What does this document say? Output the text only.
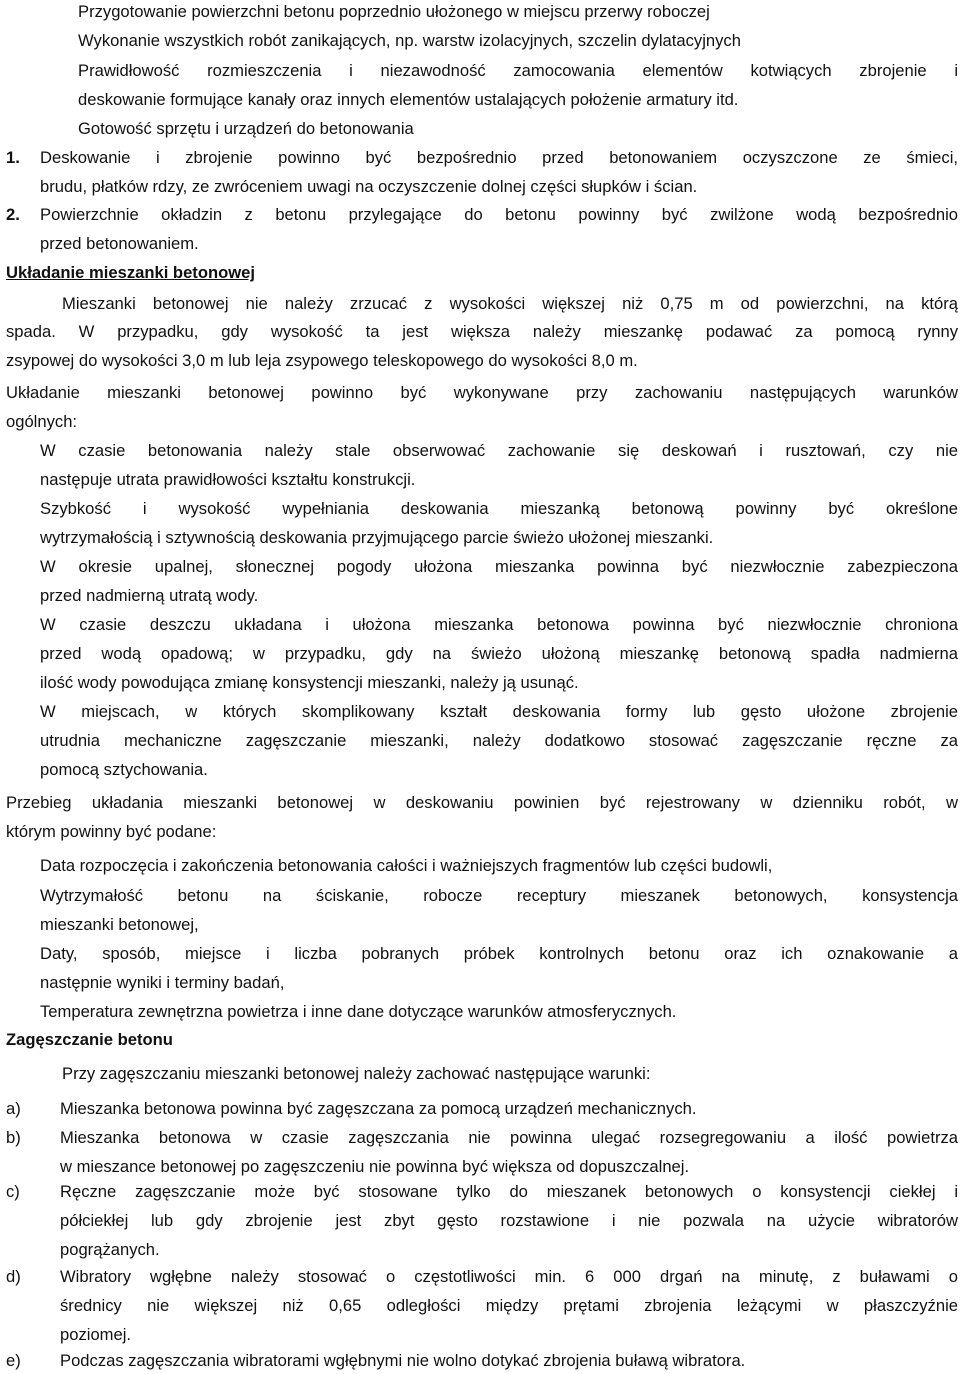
Przygotowanie powierzchni betonu poprzednio ułożonego w miejscu przerwy roboczej
Wykonanie wszystkich robót zanikających, np. warstw izolacyjnych, szczelin dylatacyjnych
Prawidłowość rozmieszczenia i niezawodność zamocowania elementów kotwiących zbrojenie i
deskowanie formujące kanały oraz innych elementów ustalających położenie armatury itd.
Gotowość sprzętu i urządzeń do betonowania
1. Deskowanie i zbrojenie powinno być bezpośrednio przed betonowaniem oczyszczone ze śmieci,
brudu, płatków rdzy, ze zwróceniem uwagi na oczyszczenie dolnej części słupków i ścian.
2. Powierzchnie okładzin z betonu przylegające do betonu powinny być zwilżone wodą bezpośrednio
przed betonowaniem.
Układanie mieszanki betonowej
Mieszanki betonowej nie należy zrzucać z wysokości większej niż 0,75 m od powierzchni, na którą
spada. W przypadku, gdy wysokość ta jest większa należy mieszankę podawać za pomocą rynny
zsypowej do wysokości 3,0 m lub leja zsypowego teleskopowego do wysokości 8,0 m.
Układanie mieszanki betonowej powinno być wykonywane przy zachowaniu następujących warunków
ogólnych:
W czasie betonowania należy stale obserwować zachowanie się deskowań i rusztowań, czy nie
następuje utrata prawidłowości kształtu konstrukcji.
Szybkość i wysokość wypełniania deskowania mieszanką betonową powinny być określone
wytrzymałością i sztywnością deskowania przyjmującego parcie świeżo ułożonej mieszanki.
W okresie upalnej, słonecznej pogody ułożona mieszanka powinna być niezwłocznie zabezpieczona
przed nadmierną utratą wody.
W czasie deszczu układana i ułożona mieszanka betonowa powinna być niezwłocznie chroniona
przed wodą opadową; w przypadku, gdy na świeżo ułożoną mieszankę betonową spadła nadmierna
ilość wody powodująca zmianę konsystencji mieszanki, należy ją usunąć.
W miejscach, w których skomplikowany kształt deskowania formy lub gęsto ułożone zbrojenie
utrudnia mechaniczne zagęszczanie mieszanki, należy dodatkowo stosować zagęszczanie ręczne za
pomocą sztychowania.
Przebieg układania mieszanki betonowej w deskowaniu powinien być rejestrowany w dzienniku robót, w
którym powinny być podane:
Data rozpoczęcia i zakończenia betonowania całości i ważniejszych fragmentów lub części budowli,
Wytrzymałość betonu na ściskanie, robocze receptury mieszanek betonowych, konsystencja
mieszanki betonowej,
Daty, sposób, miejsce i liczba pobranych próbek kontrolnych betonu oraz ich oznakowanie a
następnie wyniki i terminy badań,
Temperatura zewnętrzna powietrza i inne dane dotyczące warunków atmosferycznych.
Zagęszczanie betonu
Przy zagęszczaniu mieszanki betonowej należy zachować następujące warunki:
a) Mieszanka betonowa powinna być zagęszczana za pomocą urządzeń mechanicznych.
b) Mieszanka betonowa w czasie zagęszczania nie powinna ulegać rozsegregowaniu a ilość powietrza
w mieszance betonowej po zagęszczeniu nie powinna być większa od dopuszczalnej.
c) Ręczne zagęszczanie może być stosowane tylko do mieszanek betonowych o konsystencji ciekłej i
półciekłej lub gdy zbrojenie jest zbyt gęsto rozstawione i nie pozwala na użycie wibratorów
pogrążanych.
d) Wibratory wgłębne należy stosować o częstotliwości min. 6 000 drgań na minutę, z buławami o
średnicy nie większej niż 0,65 odległości między prętami zbrojenia leżącymi w płaszczyźnie
poziomej.
e) Podczas zagęszczania wibratorami wgłębnymi nie wolno dotykać zbrojenia buławą wibratora.
